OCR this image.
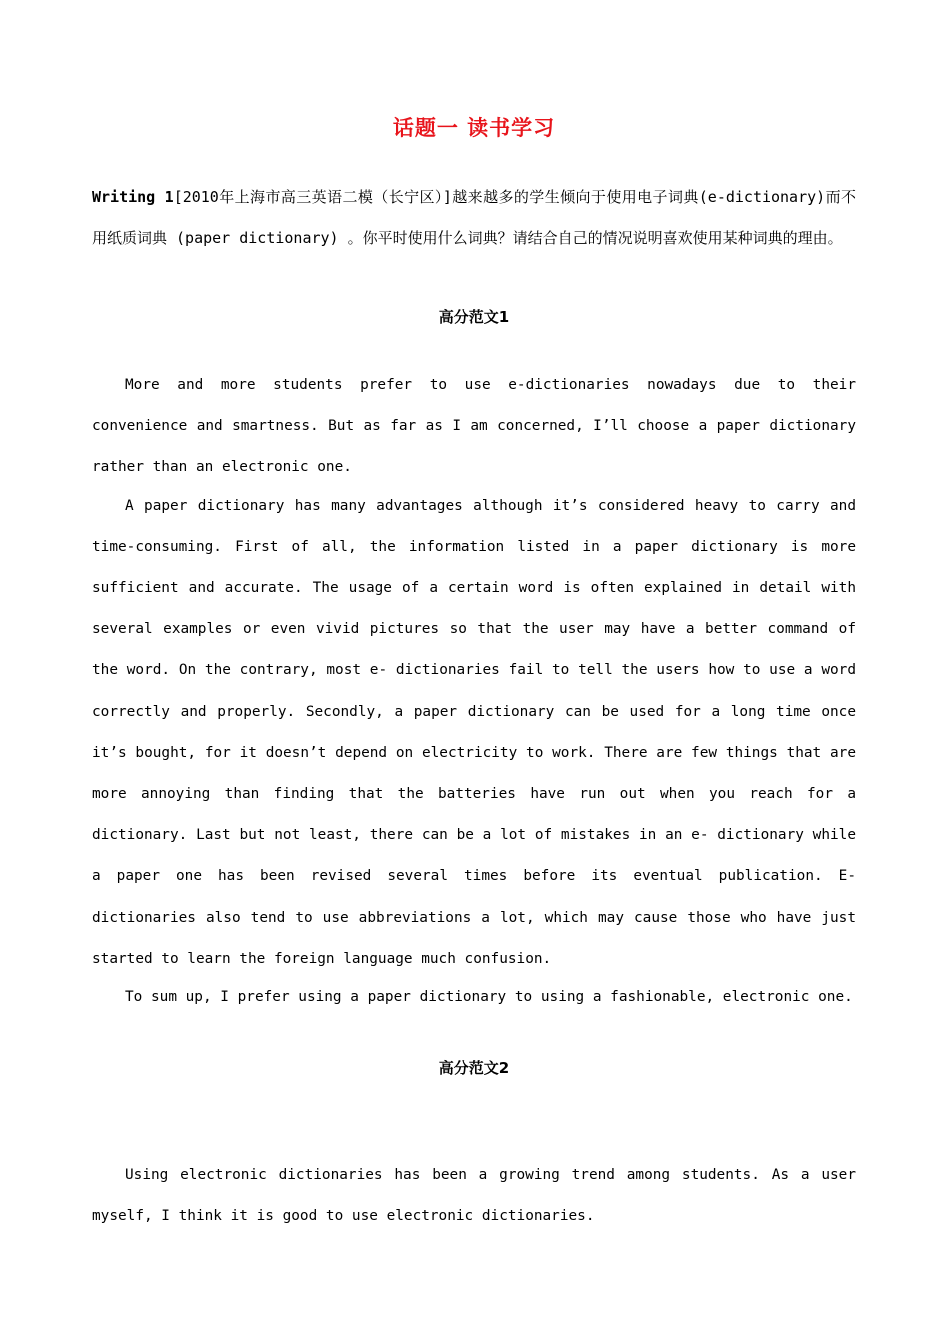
话题一 读书学习
Writing 1[2010年上海市高三英语二模（长宁区）]越来越多的学生倾向于使用电子词典(e-dictionary)而不用纸质词典 (paper dictionary) 。你平时使用什么词典？请结合自己的情况说明喜欢使用某种词典的理由。
高分范文1

More and more students prefer to use e-dictionaries nowadays due to their convenience and smartness. But as far as I am concerned, I’ll choose a paper dictionary rather than an electronic one.

A paper dictionary has many advantages although it’s considered heavy to carry and time-consuming. First of all, the information listed in a paper dictionary is more sufficient and accurate. The usage of a certain word is often explained in detail with several examples or even vivid pictures so that the user may have a better command of the word. On the contrary, most e- dictionaries fail to tell the users how to use a word correctly and properly. Secondly, a paper dictionary can be used for a long time once it’s bought, for it doesn’t depend on electricity to work. There are few things that are more annoying than finding that the batteries have run out when you reach for a dictionary. Last but not least, there can be a lot of mistakes in an e- dictionary while a paper one has been revised several times before its eventual publication. E-dictionaries also tend to use abbreviations a lot, which may cause those who have just started to learn the foreign language much confusion.

To sum up, I prefer using a paper dictionary to using a fashionable, electronic one.

高分范文2

Using electronic dictionaries has been a growing trend among students. As a user myself, I think it is good to use electronic dictionaries.
